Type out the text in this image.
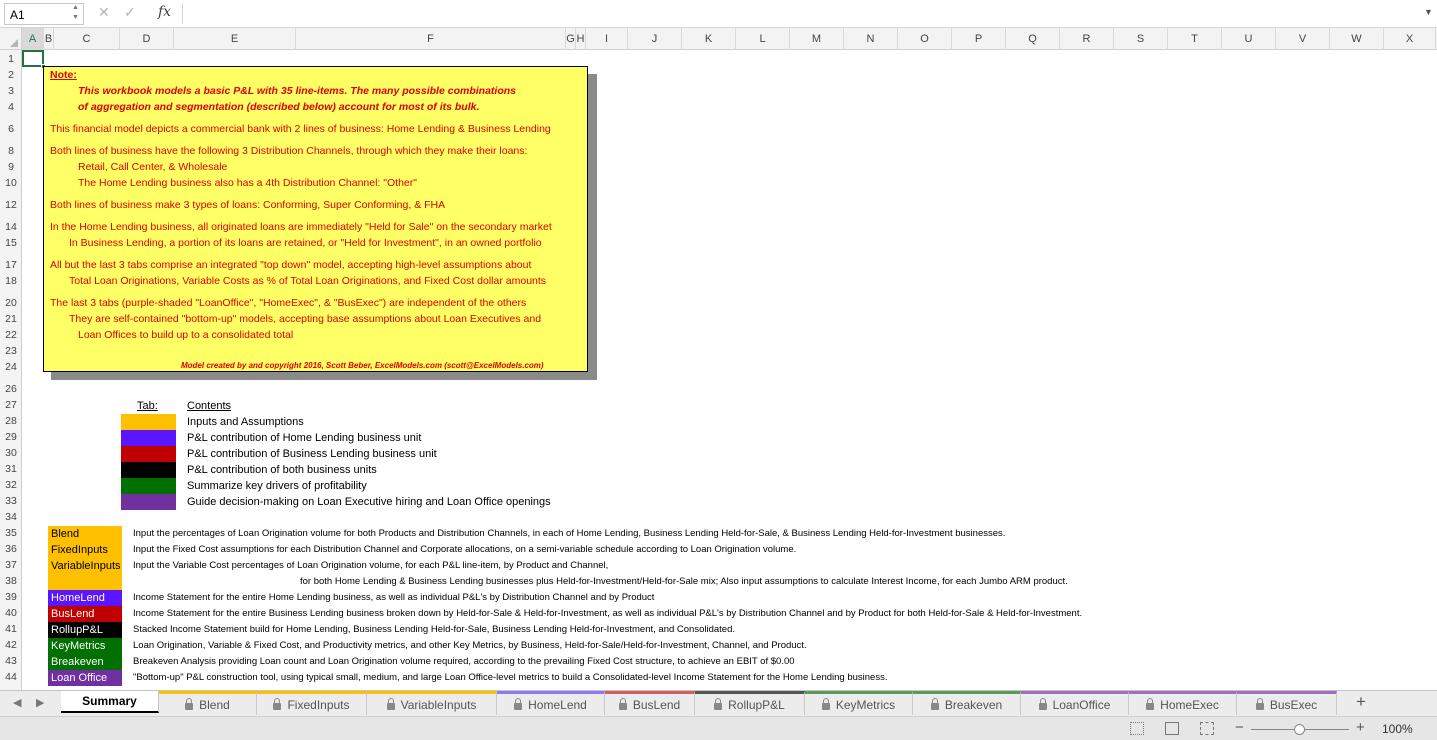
A1
▲
▼ ✕ ✓ fx	▼
A B	C	D	E	F	G H	I	J	K	L	M	N	O	P	Q	R	S	T	U	V	W	X
1
2
3
4
6
8
9
10
12
14
15
17
18
20
21
22
23
24
26
27
28
29
30
31
32
33
34
35
36
37
38
39
40
41
42
43
44
Note:
This workbook models a basic P&L with 35 line-items. The many possible combinations
of aggregation and segmentation (described below) account for most of its bulk.
This financial model depicts a commercial bank with 2 lines of business: Home Lending & Business Lending
Both lines of business have the following 3 Distribution Channels, through which they make their loans:
Retail, Call Center, & Wholesale
The Home Lending business also has a 4th Distribution Channel: "Other"
Both lines of business make 3 types of loans: Conforming, Super Conforming, & FHA
In the Home Lending business, all originated loans are immediately "Held for Sale" on the secondary market
In Business Lending, a portion of its loans are retained, or "Held for Investment", in an owned portfolio
All but the last 3 tabs comprise an integrated "top down" model, accepting high-level assumptions about
Total Loan Originations, Variable Costs as % of Total Loan Originations, and Fixed Cost dollar amounts
The last 3 tabs (purple-shaded "LoanOffice", "HomeExec", & "BusExec") are independent of the others
They are self-contained "bottom-up" models, accepting base assumptions about Loan Executives and
Loan Offices to build up to a consolidated total
Model created by and copyright 2016, Scott Beber, ExcelModels.com (scott@ExcelModels.com)
Tab:	Contents
Inputs and Assumptions
P&L contribution of Home Lending business unit
P&L contribution of Business Lending business unit
P&L contribution of both business units
Summarize key drivers of profitability
Guide decision-making on Loan Executive hiring and Loan Office openings
Blend	Input the percentages of Loan Origination volume for both Products and Distribution Channels, in each of Home Lending, Business Lending Held-for-Sale, & Business Lending Held-for-Investment businesses.
FixedInputs	Input the Fixed Cost assumptions for each Distribution Channel and Corporate allocations, on a semi-variable schedule according to Loan Origination volume.
VariableInputs Input the Variable Cost percentages of Loan Origination volume, for each P&L line-item, by Product and Channel,
for both Home Lending & Business Lending businesses plus Held-for-Investment/Held-for-Sale mix; Also input assumptions to calculate Interest Income, for each Jumbo ARM product.
HomeLend	Income Statement for the entire Home Lending business, as well as individual P&L's by Distribution Channel and by Product
BusLend	Income Statement for the entire Business Lending business broken down by Held-for-Sale & Held-for-Investment, as well as individual P&L's by Distribution Channel and by Product for both Held-for-Sale & Held-for-Investment.
RollupP&L	Stacked Income Statement build for Home Lending, Business Lending Held-for-Sale, Business Lending Held-for-Investment, and Consolidated.
KeyMetrics	Loan Origination, Variable & Fixed Cost, and Productivity metrics, and other Key Metrics, by Business, Held-for-Sale/Held-for-Investment, Channel, and Product.
Breakeven	Breakeven Analysis providing Loan count and Loan Origination volume required, according to the prevailing Fixed Cost structure, to achieve an EBIT of $0.00
Loan Office	"Bottom-up" P&L construction tool, using typical small, medium, and large Loan Office-level metrics to build a Consolidated-level Income Statement for the Home Lending business.
◀ ▶	Summary	Blend	FixedInputs	VariableInputs	HomeLend	BusLend	RollupP&L	KeyMetrics	Breakeven	LoanOffice	HomeExec	BusExec	+
−	+ 100%
